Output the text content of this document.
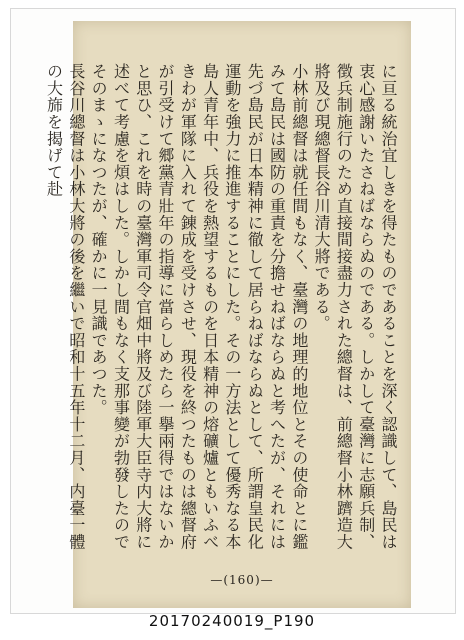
に亘る統治宜しきを得たものであることを深く認識して、島民は衷心感謝いたさねばならぬのである。しかして臺灣に志願兵制、徴兵制施行のため直接間接盡力された總督は、前總督小林躋造大將及び現總督長谷川清大將である。

小林前總督は就任間もなく、臺灣の地理的地位とその使命とに鑑みて島民は國防の重責を分擔せねばならぬと考へたが、それには先づ島民が日本精神に徹して居らねばならぬとして、所謂皇民化運動を強力に推進することにした。その一方法として優秀なる本島人青年中、兵役を熱望するものを日本精神の熔礦爐ともいふべきわが軍隊に入れて錬成を受けさせ、現役を終つたものは總督府が引受けて郷黨青壯年の指導に當らしめたら一擧兩得ではないかと思ひ、これを時の臺灣軍司令官畑中將及び陸軍大臣寺内大將に述べて考慮を煩はした。しかし間もなく支那事變が勃發したのでそのまゝになつたが、確かに一見識であつた。

長谷川總督は小林大將の後を繼いで昭和十五年十二月、内臺一體の大旆を揭げて赴

—(160)—
20170240019_P190
